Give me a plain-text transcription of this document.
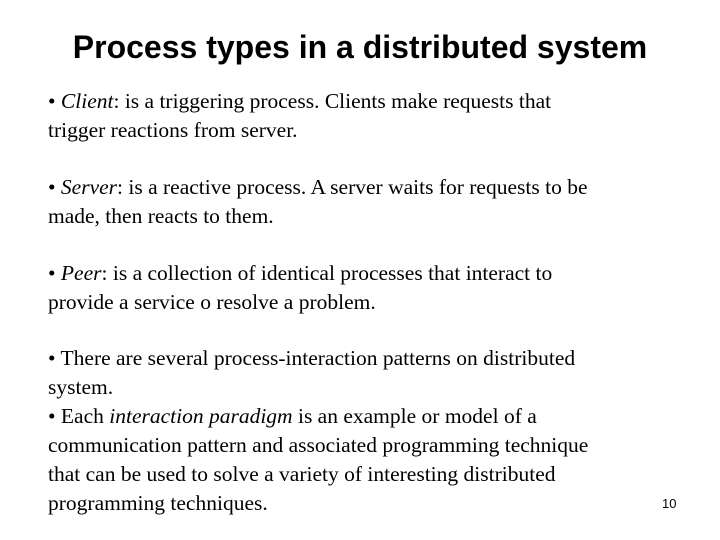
Process types in a distributed system

• Client: is a triggering process. Clients make requests that
trigger reactions from server.

• Server: is a reactive process. A server waits for requests to be
made, then reacts to them.

• Peer: is a collection of identical processes that interact to
provide a service o resolve a problem.

• There are several process-interaction patterns on distributed
system.

• Each interaction paradigm is an example or model of a
communication pattern and associated programming technique
that can be used to solve a variety of interesting distributed
programming techniques.	10
